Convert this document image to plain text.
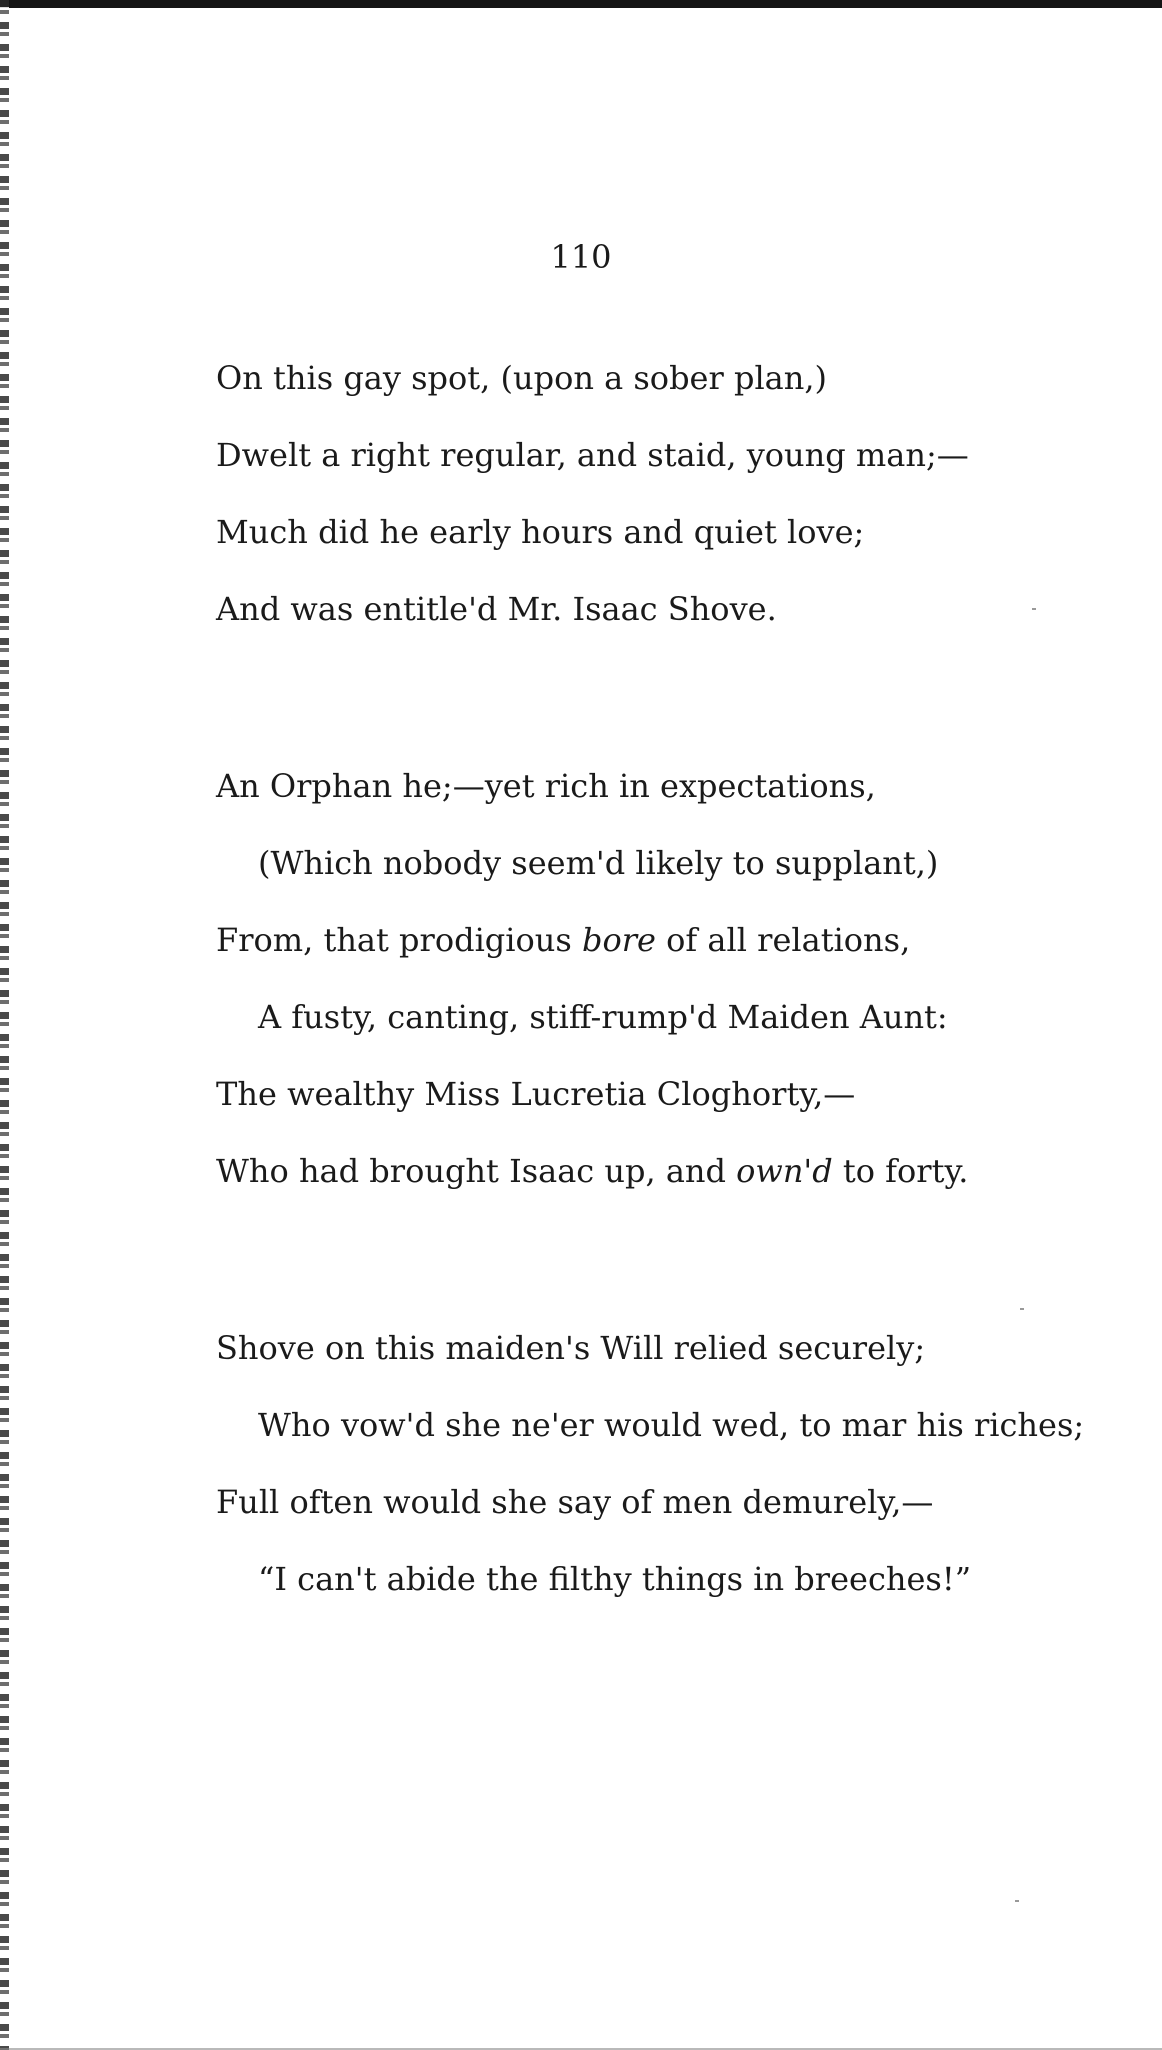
110
On this gay spot, (upon a sober plan,)
Dwelt a right regular, and staid, young man;—
Much did he early hours and quiet love;
And was entitle'd Mr. Isaac Shove.
An Orphan he;—yet rich in expectations,
(Which nobody seem'd likely to supplant,)
From, that prodigious bore of all relations,
A fusty, canting, stiff-rump'd Maiden Aunt:
The wealthy Miss Lucretia Cloghorty,—
Who had brought Isaac up, and own'd to forty.
Shove on this maiden's Will relied securely;
Who vow'd she ne'er would wed, to mar his riches;
Full often would she say of men demurely,—
“I can't abide the filthy things in breeches!”
